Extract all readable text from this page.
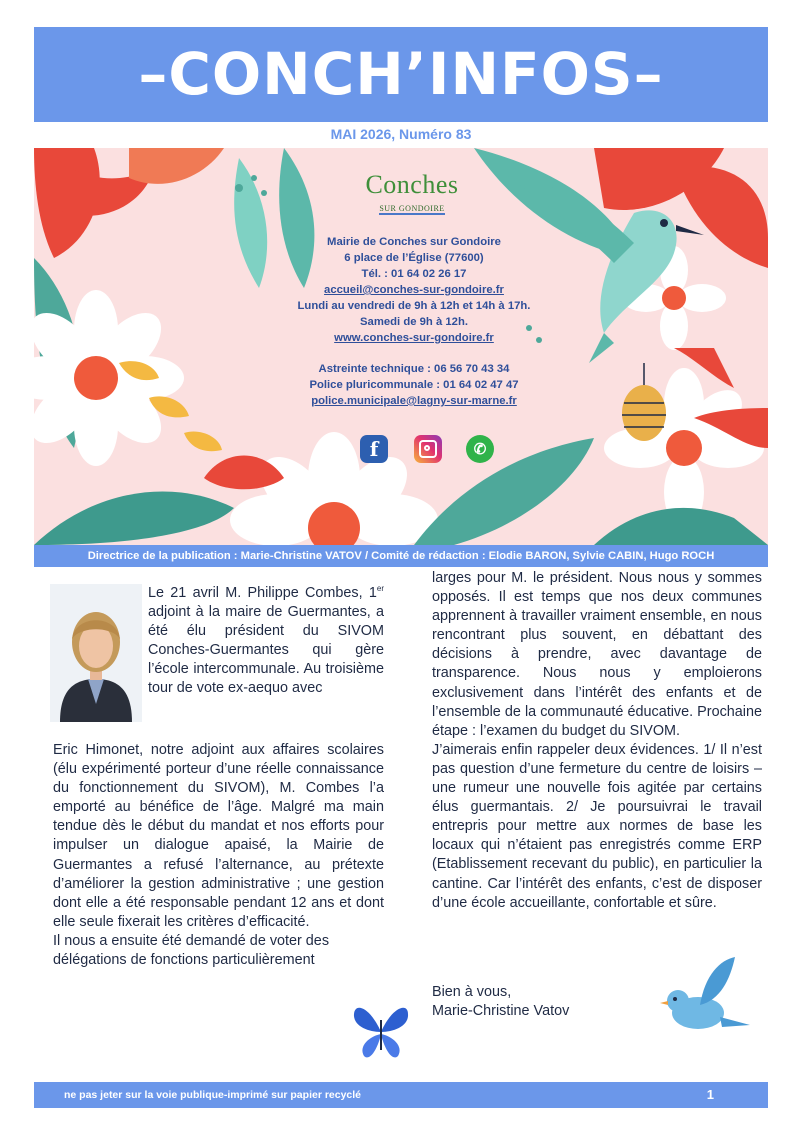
–CONCH’INFOS–
MAI 2026, Numéro 83
Conches
SUR GONDOIRE
Mairie de Conches sur Gondoire
6 place de l’Église (77600)
Tél. : 01 64 02 26 17
accueil@conches-sur-gondoire.fr
Lundi au vendredi de 9h à 12h et 14h à 17h.
Samedi de 9h à 12h.
www.conches-sur-gondoire.fr
Astreinte technique : 06 56 70 43 34
Police pluricommunale : 01 64 02 47 47
police.municipale@lagny-sur-marne.fr
f	✆
Directrice de la publication : Marie-Christine VATOV / Comité de rédaction : Elodie BARON, Sylvie CABIN, Hugo ROCH

Le 21 avril M. Philippe Combes, 1er adjoint à la maire de Guermantes, a été élu président du SIVOM Conches-Guermantes qui gère l’école intercommunale. Au troisième tour de vote ex-aequo avec

Eric Himonet, notre adjoint aux affaires scolaires (élu expérimenté porteur d’une réelle connaissance du fonctionnement du SIVOM), M. Combes l’a emporté au bénéfice de l’âge. Malgré ma main tendue dès le début du mandat et nos efforts pour impulser un dialogue apaisé, la Mairie de Guermantes a refusé l’alternance, au prétexte d’améliorer la gestion administrative ; une gestion dont elle a été responsable pendant 12 ans et dont elle seule fixerait les critères d’efficacité.

Il nous a ensuite été demandé de voter des délégations de fonctions particulièrement

larges pour M. le président. Nous nous y sommes opposés. Il est temps que nos deux communes apprennent à travailler vraiment ensemble, en nous rencontrant plus souvent, en débattant des décisions à prendre, avec davantage de transparence. Nous nous y emploierons exclusivement dans l’intérêt des enfants et de l’ensemble de la communauté éducative. Prochaine étape : l’examen du budget du SIVOM.

J’aimerais enfin rappeler deux évidences. 1/ Il n’est pas question d’une fermeture du centre de loisirs – une rumeur une nouvelle fois agitée par certains élus guermantais. 2/ Je poursuivrai le travail entrepris pour mettre aux normes de base les locaux qui n’étaient pas enregistrés comme ERP (Etablissement recevant du public), en particulier la cantine. Car l’intérêt des enfants, c’est de disposer d’une école accueillante, confortable et sûre.

Bien à vous,
Marie-Christine Vatov
ne pas jeter sur la voie publique-imprimé sur papier recyclé	1
